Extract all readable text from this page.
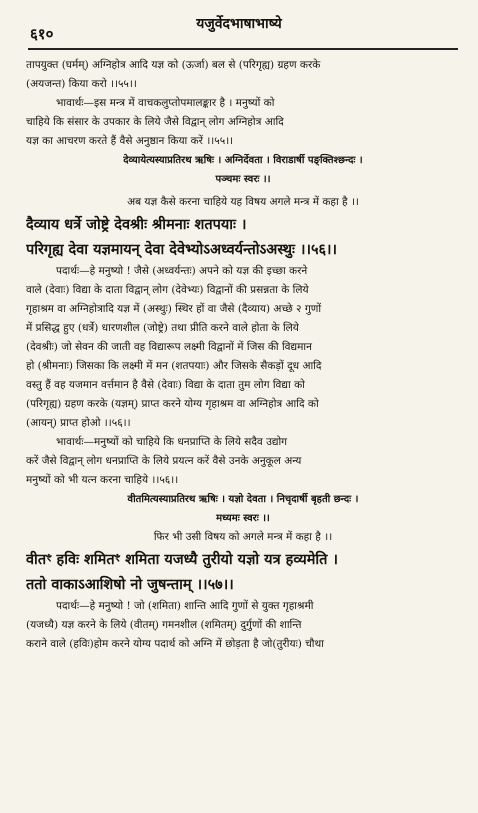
६१०
यजुर्वेदभाषाभाष्ये
तापयुक्त (घर्मम्) अग्निहोत्र आदि यज्ञ को (ऊर्जा) बल से (परिगृह्य) ग्रहण करके
(अयजन्त) किया करो ।।५५।।
भावार्थः—इस मन्त्र में वाचकलुप्तोपमालङ्कार है । मनुष्यों को
चाहिये कि संसार के उपकार के लिये जैसे विद्वान् लोग अग्निहोत्र आदि
यज्ञ का आचरण करते हैं वैसे अनुष्ठान किया करें ।।५५।।
देव्यायेत्यस्याप्रतिरथ ऋषिः । अग्निर्देवता । विराडार्षी पङ्क्तिश्छन्दः ।
पञ्चमः स्वरः ।।
अब यज्ञ कैसे करना चाहिये यह विषय अगले मन्त्र में कहा है ।।
दैव्याय धर्त्रे जोष्ट्रे देवश्रीः श्रीमनाः शतपयाः ।
परिगृह्य देवा यज्ञमायन् देवा देवेभ्योऽअध्वर्यन्तोऽअस्थुः ।।५६।।
पदार्थः—हे मनुष्यो ! जैसे (अध्वर्यन्तः) अपने को यज्ञ की इच्छा करने
वाले (देवाः) विद्या के दाता विद्वान् लोग (देवेभ्यः) विद्वानों की प्रसन्नता के लिये
गृहाश्रम वा अग्निहोत्रादि यज्ञ में (अस्थुः) स्थिर हों वा जैसे (दैव्याय) अच्छे २ गुणों
में प्रसिद्ध हुए (धर्त्रे) धारणशील (जोष्ट्रे) तथा प्रीति करने वाले होता के लिये
(देवश्रीः) जो सेवन की जाती वह विद्यारूप लक्ष्मी विद्वानों में जिस की विद्यमान
हो (श्रीमनाः) जिसका कि लक्ष्मी में मन (शतपयाः) और जिसके सैकड़ों दूध आदि
वस्तु हैं वह यजमान वर्त्तमान है वैसे (देवाः) विद्या के दाता तुम लोग विद्या को
(परिगृह्य) ग्रहण करके (यज्ञम्) प्राप्त करने योग्य गृहाश्रम वा अग्निहोत्र आदि को
(आयन्) प्राप्त होओ ।।५६।।
भावार्थः—मनुष्यों को चाहिये कि धनप्राप्ति के लिये सदैव उद्योग
करें जैसे विद्वान् लोग धनप्राप्ति के लिये प्रयत्न करें वैसे उनके अनुकूल अन्य
मनुष्यों को भी यत्न करना चाहिये ।।५६।।
वीतमित्यस्याप्रतिरथ ऋषिः । यज्ञो देवता । निचृदार्षी बृहती छन्दः ।
मध्यमः स्वरः ।।
फिर भी उसी विषय को अगले मन्त्र में कहा है ।।
वीतꣳ हविः शमितꣳ शमिता यजध्यै तुरीयो यज्ञो यत्र हव्यमेति ।
ततो वाकाऽआशिषो नो जुषन्ताम् ।।५७।।
पदार्थः—हे मनुष्यो ! जो (शमिता) शान्ति आदि गुणों से युक्त गृहाश्रमी
(यजध्यै) यज्ञ करने के लिये (वीतम्) गमनशील (शमितम्) दुर्गुणों की शान्ति
कराने वाले (हविः)होम करने योग्य पदार्थ को अग्नि में छोड़ता है जो(तुरीयः) चौथा
